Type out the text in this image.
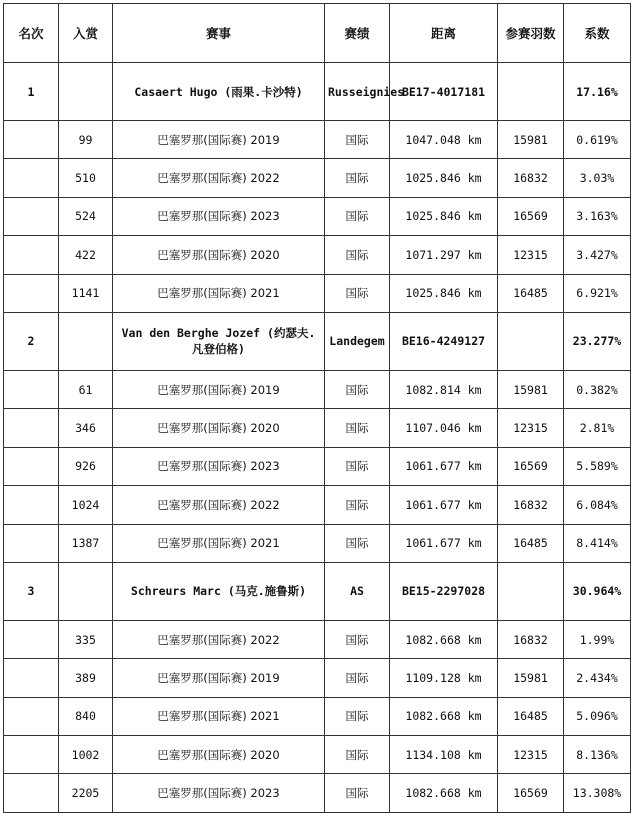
名次	入赏	赛事	赛绩	距离	参赛羽数	系数
1		Casaert Hugo (雨果.卡沙特)	Russeignies	BE17-4017181		17.16%
	99	巴塞罗那(国际赛) 2019	国际	1047.048 km	15981	0.619%
	510	巴塞罗那(国际赛) 2022	国际	1025.846 km	16832	3.03%
	524	巴塞罗那(国际赛) 2023	国际	1025.846 km	16569	3.163%
	422	巴塞罗那(国际赛) 2020	国际	1071.297 km	12315	3.427%
	1141	巴塞罗那(国际赛) 2021	国际	1025.846 km	16485	6.921%
2		Van den Berghe Jozef (约瑟夫.凡登伯格)	Landegem	BE16-4249127		23.277%
	61	巴塞罗那(国际赛) 2019	国际	1082.814 km	15981	0.382%
	346	巴塞罗那(国际赛) 2020	国际	1107.046 km	12315	2.81%
	926	巴塞罗那(国际赛) 2023	国际	1061.677 km	16569	5.589%
	1024	巴塞罗那(国际赛) 2022	国际	1061.677 km	16832	6.084%
	1387	巴塞罗那(国际赛) 2021	国际	1061.677 km	16485	8.414%
3		Schreurs Marc (马克.施鲁斯)	AS	BE15-2297028		30.964%
	335	巴塞罗那(国际赛) 2022	国际	1082.668 km	16832	1.99%
	389	巴塞罗那(国际赛) 2019	国际	1109.128 km	15981	2.434%
	840	巴塞罗那(国际赛) 2021	国际	1082.668 km	16485	5.096%
	1002	巴塞罗那(国际赛) 2020	国际	1134.108 km	12315	8.136%
	2205	巴塞罗那(国际赛) 2023	国际	1082.668 km	16569	13.308%
